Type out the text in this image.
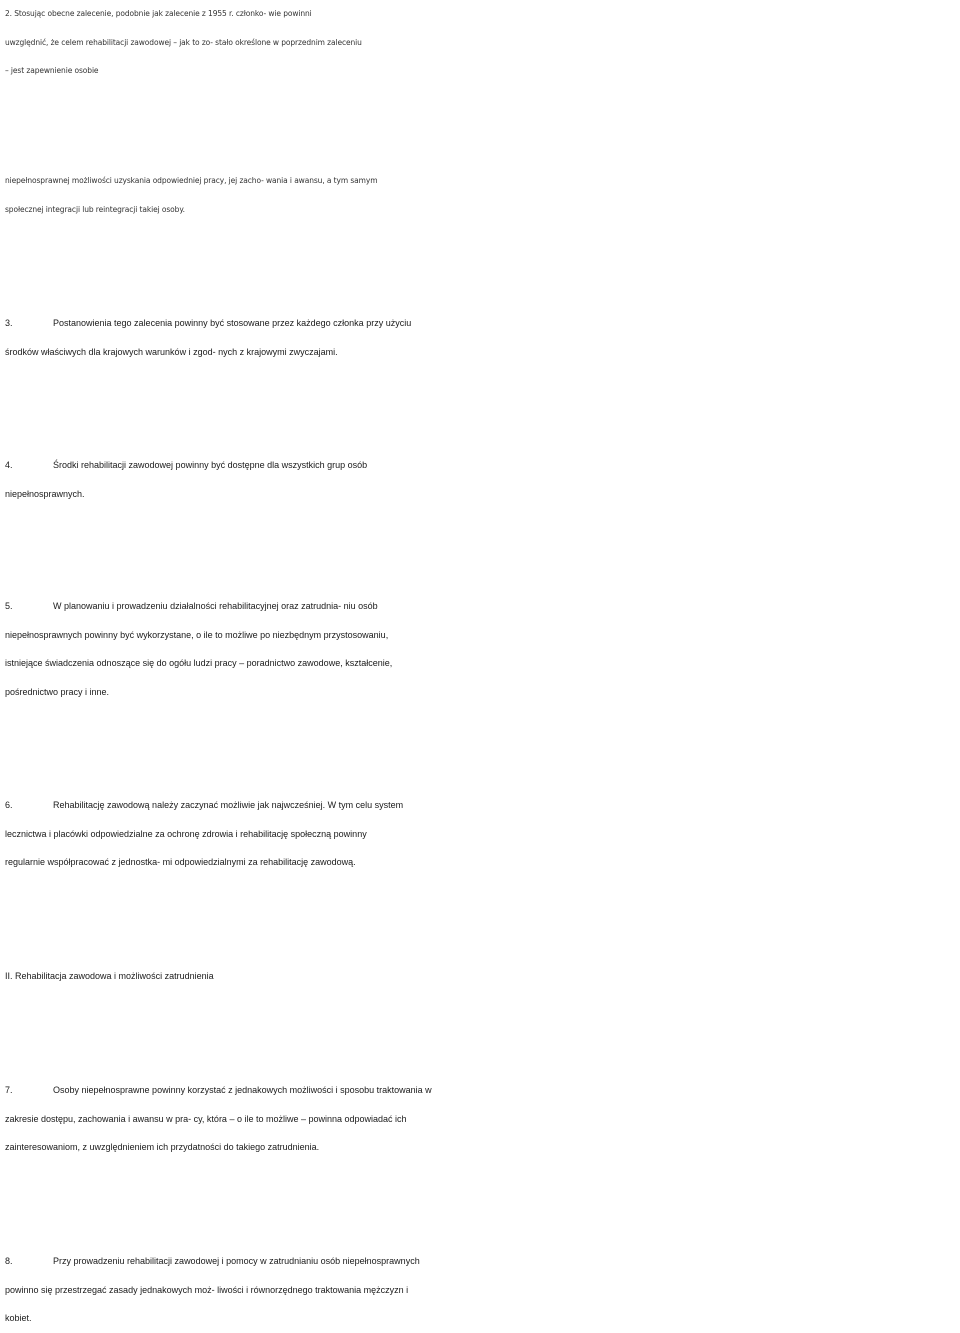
2. Stosując obecne zalecenie, podobnie jak zalecenie z 1955 r. członko- wie powinni
uwzględnić, że celem rehabilitacji zawodowej – jak to zo- stało określone w poprzednim zaleceniu
– jest zapewnienie osobie
niepełnosprawnej możliwości uzyskania odpowiedniej pracy, jej zacho- wania i awansu, a tym samym
społecznej integracji lub reintegracji takiej osoby.
3.	Postanowienia tego zalecenia powinny być stosowane przez każdego członka przy użyciu
środków właściwych dla krajowych warunków i zgod- nych z krajowymi zwyczajami.
4.	Środki rehabilitacji zawodowej powinny być dostępne dla wszystkich grup osób
niepełnosprawnych.
5.	W planowaniu i prowadzeniu działalności rehabilitacyjnej oraz zatrudnia- niu osób
niepełnosprawnych powinny być wykorzystane, o ile to możliwe po niezbędnym przystosowaniu,
istniejące świadczenia odnoszące się do ogółu ludzi pracy – poradnictwo zawodowe, kształcenie,
pośrednictwo pracy i inne.
6.	Rehabilitację zawodową należy zaczynać możliwie jak najwcześniej. W tym celu system
lecznictwa i placówki odpowiedzialne za ochronę zdrowia i rehabilitację społeczną powinny
regularnie współpracować z jednostka- mi odpowiedzialnymi za rehabilitację zawodową.
II. Rehabilitacja zawodowa i możliwości zatrudnienia
7.	Osoby niepełnosprawne powinny korzystać z jednakowych możliwości i sposobu traktowania w
zakresie dostępu, zachowania i awansu w pra- cy, która – o ile to możliwe – powinna odpowiadać ich
zainteresowaniom, z uwzględnieniem ich przydatności do takiego zatrudnienia.
8.	Przy prowadzeniu rehabilitacji zawodowej i pomocy w zatrudnianiu osób niepełnosprawnych
powinno się przestrzegać zasady jednakowych moż- liwości i równorzędnego traktowania mężczyzn i
kobiet.
